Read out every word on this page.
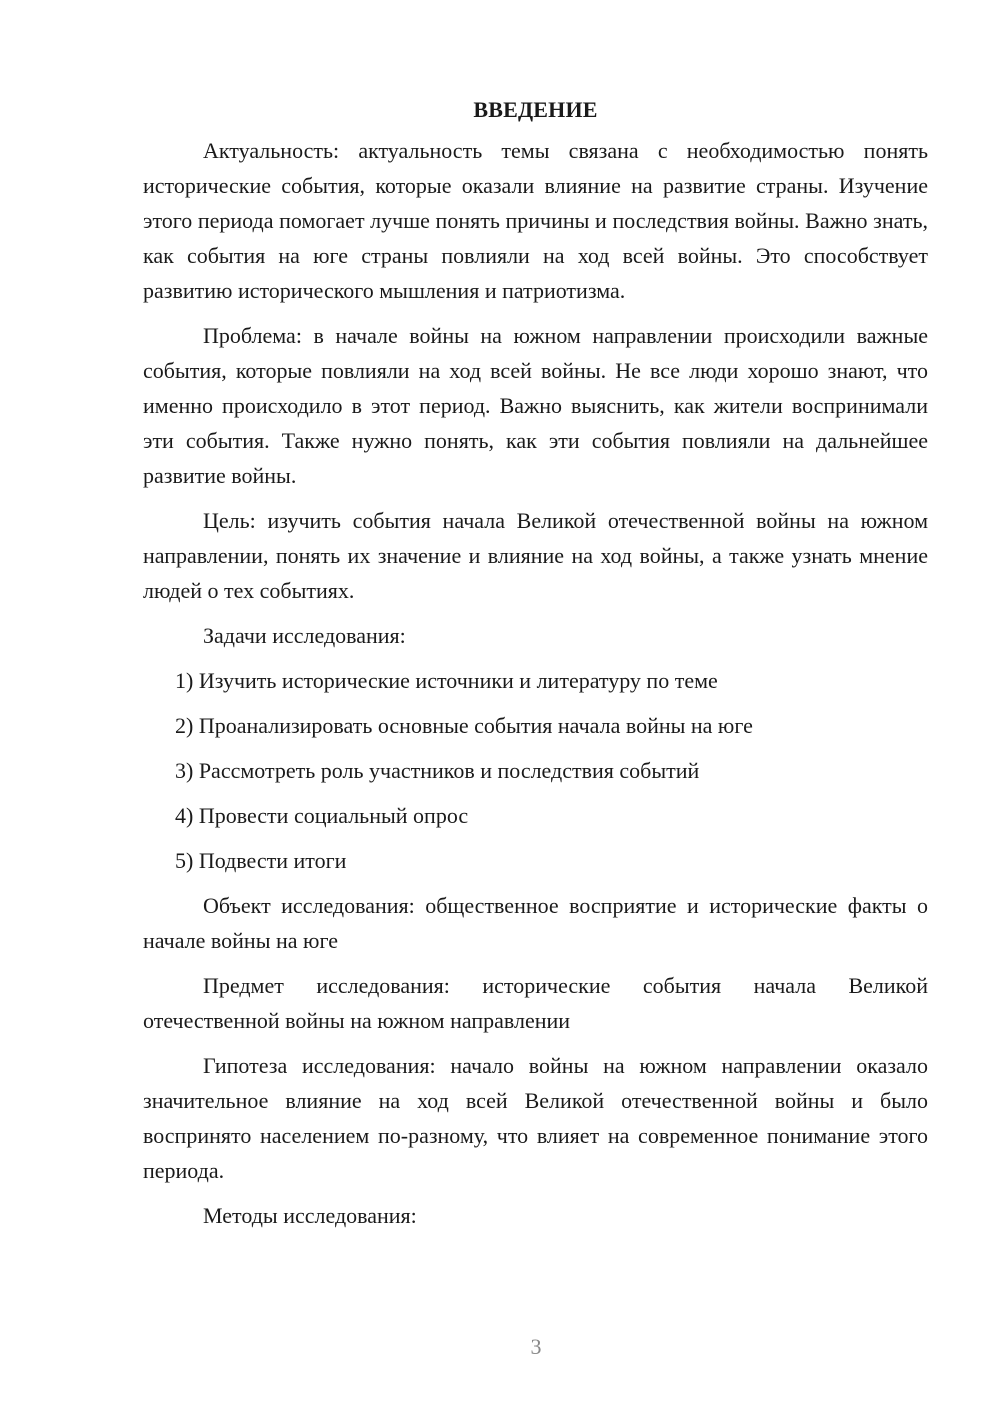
ВВЕДЕНИЕ

Актуальность: актуальность темы связана с необходимостью понять исторические события, которые оказали влияние на развитие страны. Изучение этого периода помогает лучше понять причины и последствия войны. Важно знать, как события на юге страны повлияли на ход всей войны. Это способствует развитию исторического мышления и патриотизма.

Проблема: в начале войны на южном направлении происходили важные события, которые повлияли на ход всей войны. Не все люди хорошо знают, что именно происходило в этот период. Важно выяснить, как жители воспринимали эти события. Также нужно понять, как эти события повлияли на дальнейшее развитие войны.

Цель: изучить события начала Великой отечественной войны на южном направлении, понять их значение и влияние на ход войны, а также узнать мнение людей о тех событиях.

Задачи исследования:

1) Изучить исторические источники и литературу по теме
2) Проанализировать основные события начала войны на юге
3) Рассмотреть роль участников и последствия событий
4) Провести социальный опрос
5) Подвести итоги

Объект исследования: общественное восприятие и исторические факты о начале войны на юге

Предмет исследования: исторические события начала Великой отечественной войны на южном направлении

Гипотеза исследования: начало войны на южном направлении оказало значительное влияние на ход всей Великой отечественной войны и было воспринято населением по-разному, что влияет на современное понимание этого периода.

Методы исследования:

3
